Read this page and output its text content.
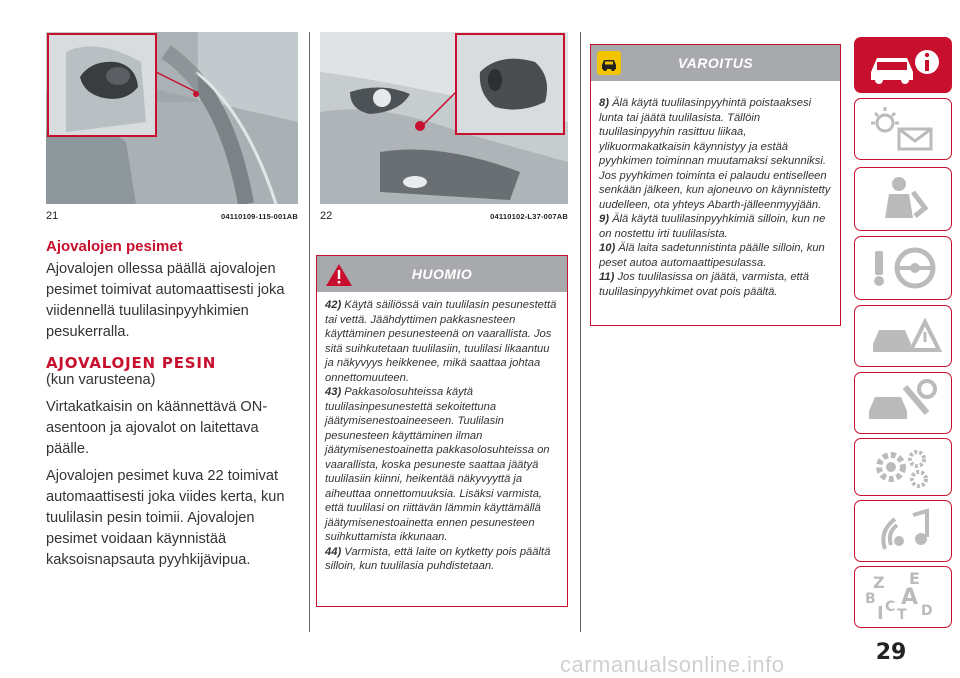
21	04110109-115-001AB 22	04110102-L37-007AB
Ajovalojen pesimet

Ajovalojen ollessa päällä ajovalojen pesimet toimivat automaattisesti joka viidennellä tuulilasinpyyhkimien pesukerralla.

AJOVALOJEN PESIN

(kun varusteena)

Virtakatkaisin on käännettävä ON-asentoon ja ajovalot on laitettava päälle.

Ajovalojen pesimet kuva 22 toimivat automaattisesti joka viides kerta, kun tuulilasin pesin toimii. Ajovalojen pesimet voidaan käynnistää kaksoisnapsauta pyyhkijävipua.

HUOMIO
42) Käytä säiliössä vain tuulilasin pesunestettä tai vettä. Jäähdyttimen pakkasnesteen käyttäminen pesunesteenä on vaarallista. Jos sitä suihkutetaan tuulilasiin, tuulilasi likaantuu ja näkyvyys heikkenee, mikä saattaa johtaa onnettomuuteen.
43) Pakkasolosuhteissa käytä tuulilasinpesunestettä sekoitettuna jäätymisenestoaineeseen. Tuulilasin pesunesteen käyttäminen ilman jäätymisenestoainetta pakkasolosuhteissa on vaarallista, koska pesuneste saattaa jäätyä tuulilasiin kiinni, heikentää näkyvyyttä ja aiheuttaa onnettomuuksia. Lisäksi varmista, että tuulilasi on riittävän lämmin käyttämällä jäätymisenestoainetta ennen pesunesteen suihkuttamista ikkunaan.
44) Varmista, että laite on kytketty pois päältä silloin, kun tuulilasia puhdistetaan.
VAROITUS
8) Älä käytä tuulilasinpyyhintä poistaaksesi lunta tai jäätä tuulilasista. Tällöin tuulilasinpyyhin rasittuu liikaa, ylikuormakatkaisin käynnistyy ja estää pyyhkimen toiminnan muutamaksi sekunniksi. Jos pyyhkimen toiminta ei palaudu entiselleen senkään jälkeen, kun ajoneuvo on käynnistetty uudelleen, ota yhteys Abarth-jälleenmyyjään.
9) Älä käytä tuulilasinpyyhkimiä silloin, kun ne on nostettu irti tuulilasista.
10) Älä laita sadetunnistinta päälle silloin, kun peset autoa automaattipesulassa.
11) Jos tuulilasissa on jäätä, varmista, että tuulilasinpyyhkimet ovat pois päältä.
Z E
B A
I C T D
29
carmanualsonline.info
